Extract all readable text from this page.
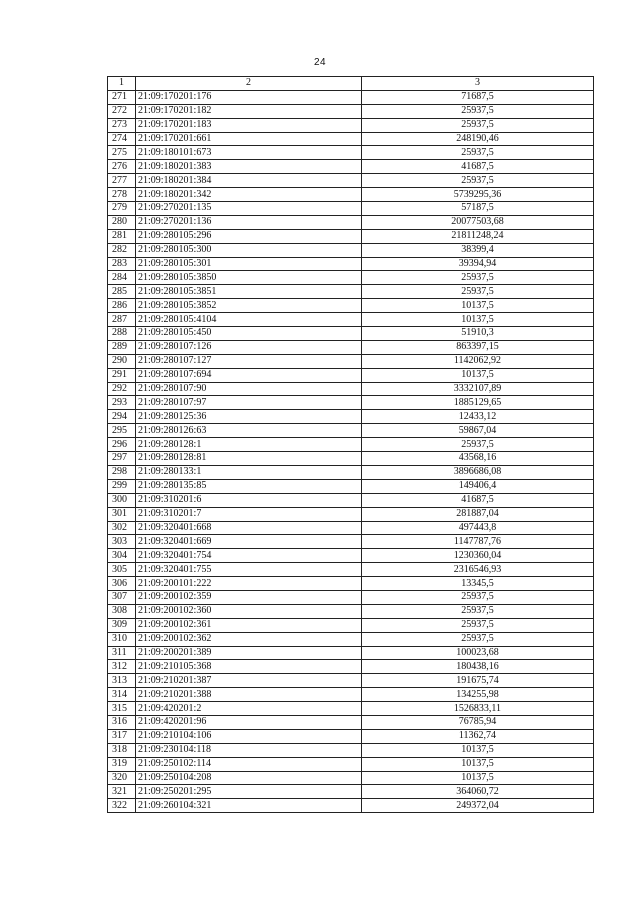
24
1	2	3
271	21:09:170201:176	71687,5
272	21:09:170201:182	25937,5
273	21:09:170201:183	25937,5
274	21:09:170201:661	248190,46
275	21:09:180101:673	25937,5
276	21:09:180201:383	41687,5
277	21:09:180201:384	25937,5
278	21:09:180201:342	5739295,36
279	21:09:270201:135	57187,5
280	21:09:270201:136	20077503,68
281	21:09:280105:296	21811248,24
282	21:09:280105:300	38399,4
283	21:09:280105:301	39394,94
284	21:09:280105:3850	25937,5
285	21:09:280105:3851	25937,5
286	21:09:280105:3852	10137,5
287	21:09:280105:4104	10137,5
288	21:09:280105:450	51910,3
289	21:09:280107:126	863397,15
290	21:09:280107:127	1142062,92
291	21:09:280107:694	10137,5
292	21:09:280107:90	3332107,89
293	21:09:280107:97	1885129,65
294	21:09:280125:36	12433,12
295	21:09:280126:63	59867,04
296	21:09:280128:1	25937,5
297	21:09:280128:81	43568,16
298	21:09:280133:1	3896686,08
299	21:09:280135:85	149406,4
300	21:09:310201:6	41687,5
301	21:09:310201:7	281887,04
302	21:09:320401:668	497443,8
303	21:09:320401:669	1147787,76
304	21:09:320401:754	1230360,04
305	21:09:320401:755	2316546,93
306	21:09:200101:222	13345,5
307	21:09:200102:359	25937,5
308	21:09:200102:360	25937,5
309	21:09:200102:361	25937,5
310	21:09:200102:362	25937,5
311	21:09:200201:389	100023,68
312	21:09:210105:368	180438,16
313	21:09:210201:387	191675,74
314	21:09:210201:388	134255,98
315	21:09:420201:2	1526833,11
316	21:09:420201:96	76785,94
317	21:09:210104:106	11362,74
318	21:09:230104:118	10137,5
319	21:09:250102:114	10137,5
320	21:09:250104:208	10137,5
321	21:09:250201:295	364060,72
322	21:09:260104:321	249372,04
